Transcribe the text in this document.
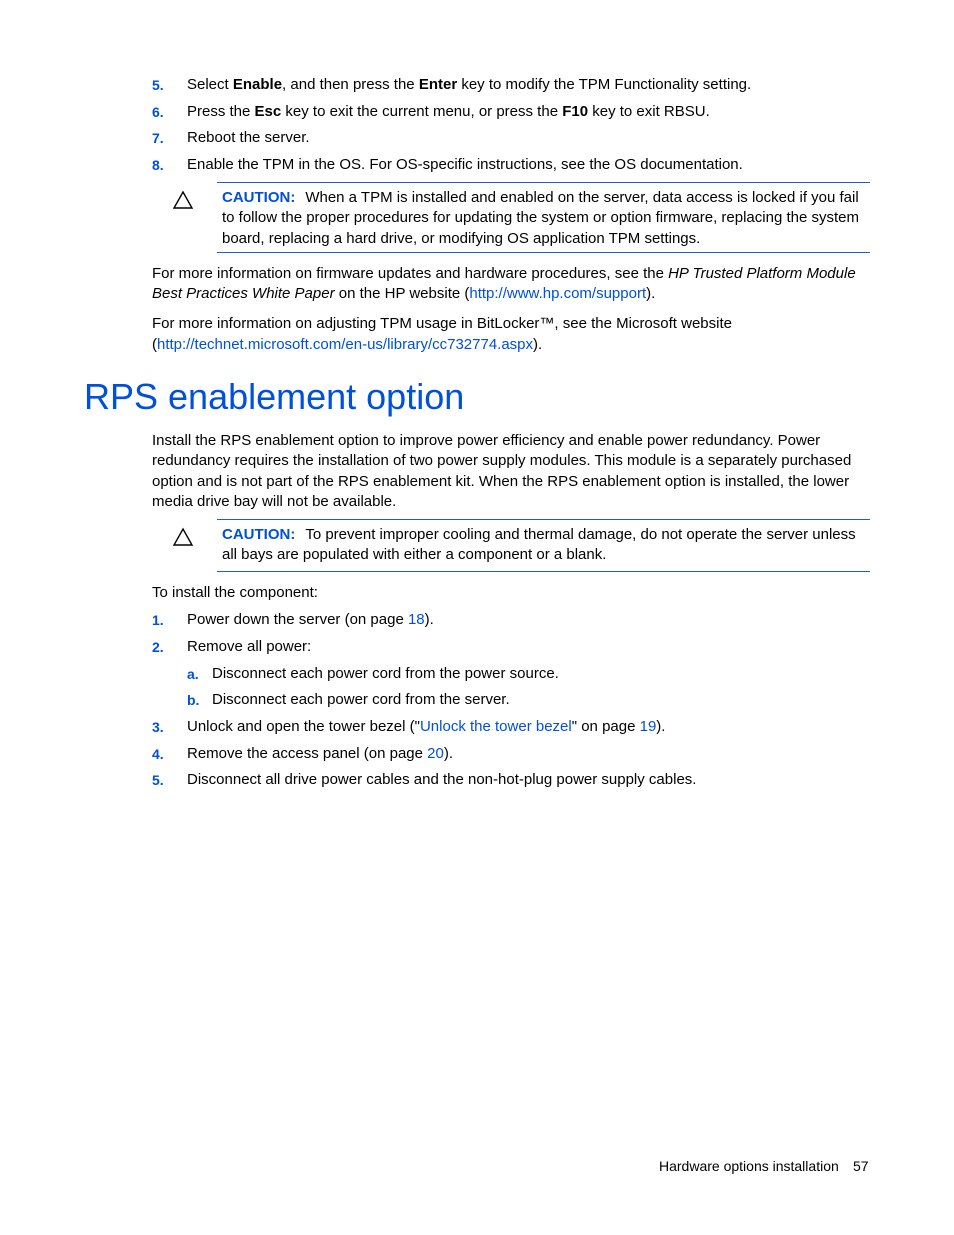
5. Select Enable, and then press the Enter key to modify the TPM Functionality setting.
6. Press the Esc key to exit the current menu, or press the F10 key to exit RBSU.
7. Reboot the server.
8. Enable the TPM in the OS. For OS-specific instructions, see the OS documentation.
CAUTION: When a TPM is installed and enabled on the server, data access is locked if you fail
to follow the proper procedures for updating the system or option firmware, replacing the system
board, replacing a hard drive, or modifying OS application TPM settings.
For more information on firmware updates and hardware procedures, see the HP Trusted Platform Module
Best Practices White Paper on the HP website (http://www.hp.com/support).
For more information on adjusting TPM usage in BitLocker™, see the Microsoft website
(http://technet.microsoft.com/en-us/library/cc732774.aspx).
RPS enablement option
Install the RPS enablement option to improve power efficiency and enable power redundancy. Power
redundancy requires the installation of two power supply modules. This module is a separately purchased
option and is not part of the RPS enablement kit. When the RPS enablement option is installed, the lower
media drive bay will not be available.
CAUTION: To prevent improper cooling and thermal damage, do not operate the server unless
all bays are populated with either a component or a blank.
To install the component:
1. Power down the server (on page 18).
2. Remove all power:
a. Disconnect each power cord from the power source.
b. Disconnect each power cord from the server.
3. Unlock and open the tower bezel ("Unlock the tower bezel" on page 19).
4. Remove the access panel (on page 20).
5. Disconnect all drive power cables and the non-hot-plug power supply cables.
Hardware options installation 57
